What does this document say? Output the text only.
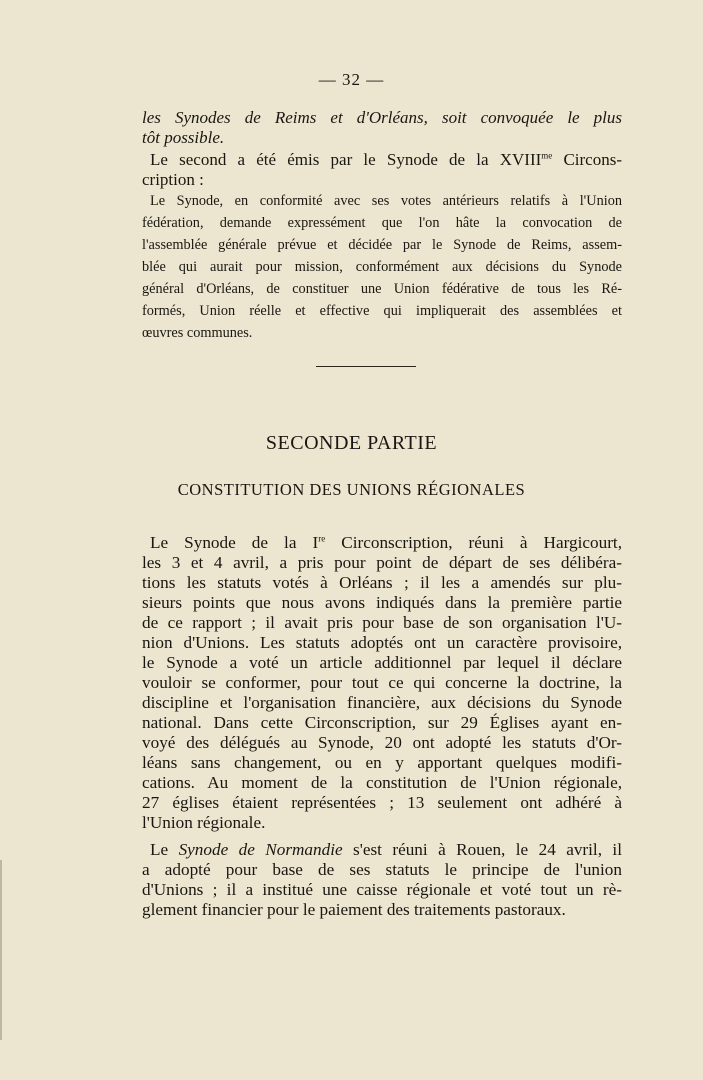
— 32 —
les Synodes de Reims et d'Orléans, soit convoquée le plus
tôt possible.
Le second a été émis par le Synode de la $XVIII^{me}$ Circons-
cription :
Le Synode, en conformité avec ses votes antérieurs relatifs à l'Union
fédération, demande expressément que l'on hâte la convocation de
l'assemblée générale prévue et décidée par le Synode de Reims, assem-
blée qui aurait pour mission, conformément aux décisions du Synode
général d'Orléans, de constituer une Union fédérative de tous les Ré-
formés, Union réelle et effective qui impliquerait des assemblées et
œuvres communes.
SECONDE PARTIE
CONSTITUTION DES UNIONS RÉGIONALES
Le Synode de la Ire Circonscription, réuni à Hargicourt,
les 3 et 4 avril, a pris pour point de départ de ses délibéra-
tions les statuts votés à Orléans ; il les a amendés sur plu-
sieurs points que nous avons indiqués dans la première partie
de ce rapport ; il avait pris pour base de son organisation l'U-
nion d'Unions. Les statuts adoptés ont un caractère provisoire,
le Synode a voté un article additionnel par lequel il déclare
vouloir se conformer, pour tout ce qui concerne la doctrine, la
discipline et l'organisation financière, aux décisions du Synode
national. Dans cette Circonscription, sur 29 Églises ayant en-
voyé des délégués au Synode, 20 ont adopté les statuts d'Or-
léans sans changement, ou en y apportant quelques modifi-
cations. Au moment de la constitution de l'Union régionale,
27 églises étaient représentées ; 13 seulement ont adhéré à
l'Union régionale.
Le Synode de Normandie s'est réuni à Rouen, le 24 avril, il
a adopté pour base de ses statuts le principe de l'union
d'Unions ; il a institué une caisse régionale et voté tout un rè-
glement financier pour le paiement des traitements pastoraux.
